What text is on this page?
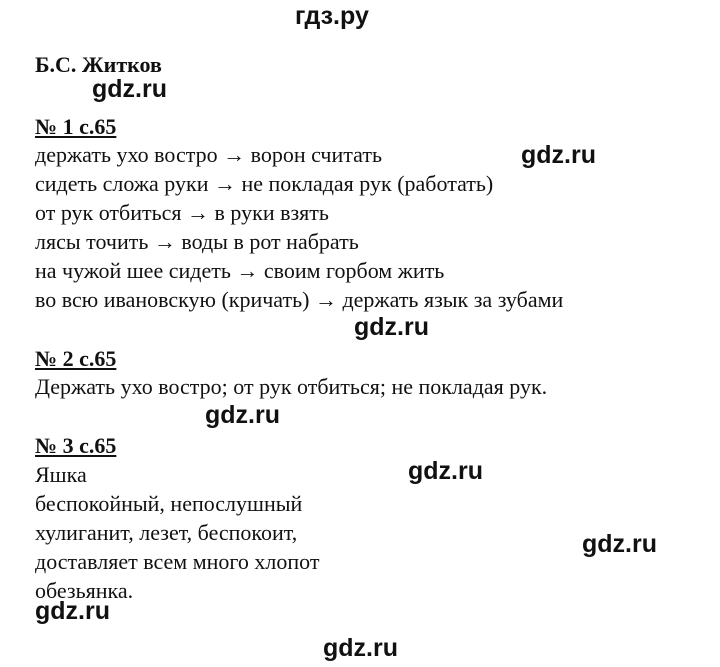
гдз.ру
Б.С. Житков
gdz.ru
№ 1 с.65
держать ухо востро → ворон считать	gdz.ru
сидеть сложа руки → не покладая рук (работать)
от рук отбиться → в руки взять
лясы точить → воды в рот набрать
на чужой шее сидеть → своим горбом жить
во всю ивановскую (кричать) → держать язык за зубами
gdz.ru
№ 2 с.65
Держать ухо востро; от рук отбиться; не покладая рук.
gdz.ru
№ 3 с.65
Яшка	gdz.ru
беспокойный, непослушный
хулиганит, лезет, беспокоит,	gdz.ru
доставляет всем много хлопот
обезьянка.
gdz.ru
gdz.ru
